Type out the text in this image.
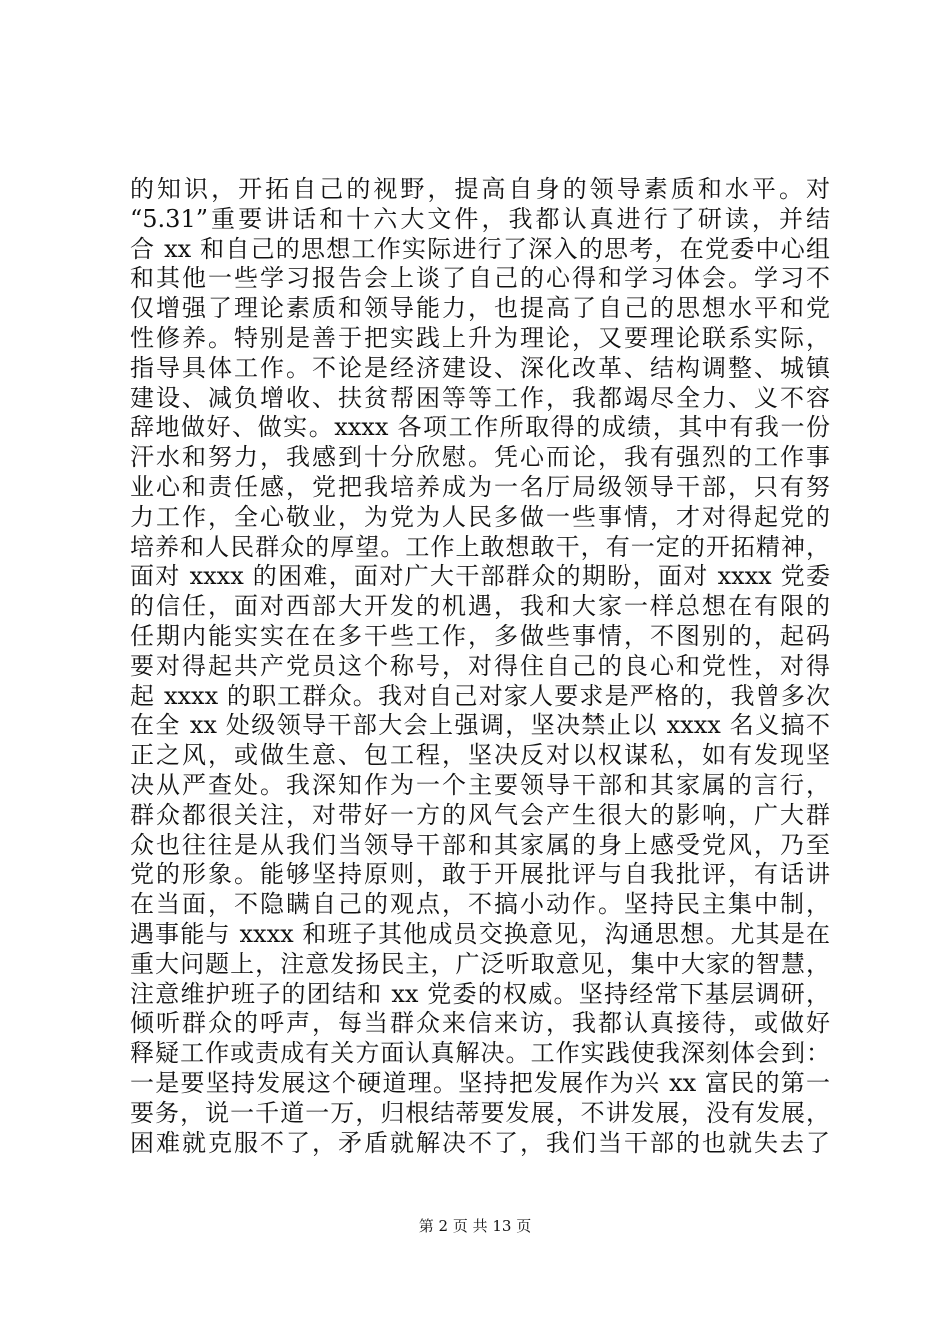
的知识，开拓自己的视野，提高自身的领导素质和水平。对
“5.31”重要讲话和十六大文件，我都认真进行了研读，并结
合 xx 和自己的思想工作实际进行了深入的思考，在党委中心组
和其他一些学习报告会上谈了自己的心得和学习体会。学习不
仅增强了理论素质和领导能力，也提高了自己的思想水平和党
性修养。特别是善于把实践上升为理论，又要理论联系实际，
指导具体工作。不论是经济建设、深化改革、结构调整、城镇
建设、减负增收、扶贫帮困等等工作，我都竭尽全力、义不容
辞地做好、做实。xxxx 各项工作所取得的成绩，其中有我一份
汗水和努力，我感到十分欣慰。凭心而论，我有强烈的工作事
业心和责任感，党把我培养成为一名厅局级领导干部，只有努
力工作，全心敬业，为党为人民多做一些事情，才对得起党的
培养和人民群众的厚望。工作上敢想敢干，有一定的开拓精神，
面对 xxxx 的困难，面对广大干部群众的期盼，面对 xxxx 党委
的信任，面对西部大开发的机遇，我和大家一样总想在有限的
任期内能实实在在多干些工作，多做些事情，不图别的，起码
要对得起共产党员这个称号，对得住自己的良心和党性，对得
起 xxxx 的职工群众。我对自己对家人要求是严格的，我曾多次
在全 xx 处级领导干部大会上强调，坚决禁止以 xxxx 名义搞不
正之风，或做生意、包工程，坚决反对以权谋私，如有发现坚
决从严查处。我深知作为一个主要领导干部和其家属的言行，
群众都很关注，对带好一方的风气会产生很大的影响，广大群
众也往往是从我们当领导干部和其家属的身上感受党风，乃至
党的形象。能够坚持原则，敢于开展批评与自我批评，有话讲
在当面，不隐瞒自己的观点，不搞小动作。坚持民主集中制，
遇事能与 xxxx 和班子其他成员交换意见，沟通思想。尤其是在
重大问题上，注意发扬民主，广泛听取意见，集中大家的智慧，
注意维护班子的团结和 xx 党委的权威。坚持经常下基层调研，
倾听群众的呼声，每当群众来信来访，我都认真接待，或做好
释疑工作或责成有关方面认真解决。工作实践使我深刻体会到：
一是要坚持发展这个硬道理。坚持把发展作为兴 xx 富民的第一
要务，说一千道一万，归根结蒂要发展，不讲发展，没有发展，
困难就克服不了，矛盾就解决不了，我们当干部的也就失去了
第 2 页 共 13 页
